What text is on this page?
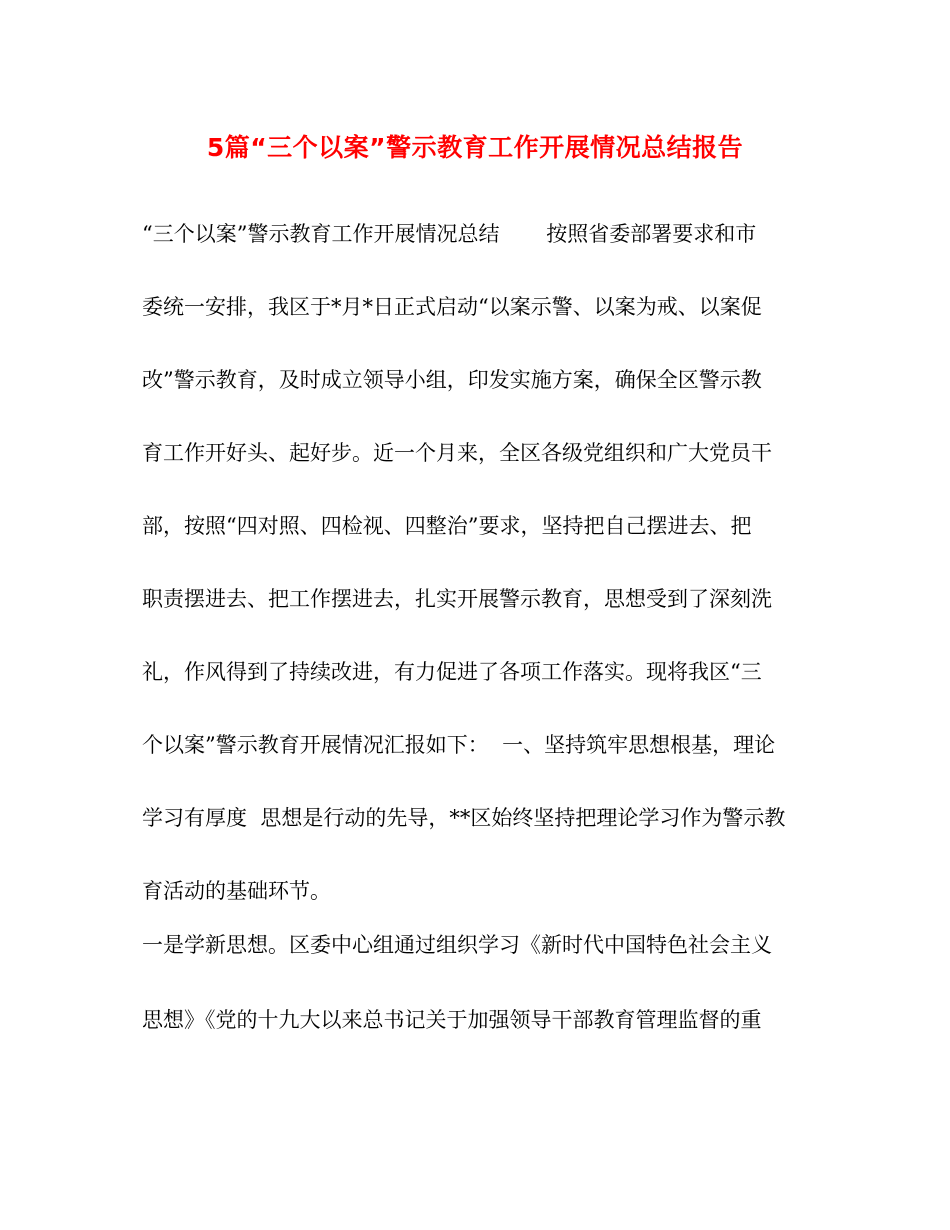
5篇“三个以案”警示教育工作开展情况总结报告
“三个以案”警示教育工作开展情况总结       按照省委部署要求和市
委统一安排，我区于*月*日正式启动“以案示警、以案为戒、以案促
改”警示教育，及时成立领导小组，印发实施方案，确保全区警示教
育工作开好头、起好步。近一个月来，全区各级党组织和广大党员干
部，按照“四对照、四检视、四整治”要求，坚持把自己摆进去、把
职责摆进去、把工作摆进去，扎实开展警示教育，思想受到了深刻洗
礼，作风得到了持续改进，有力促进了各项工作落实。现将我区“三
个以案”警示教育开展情况汇报如下：  一、坚持筑牢思想根基，理论
学习有厚度  思想是行动的先导，**区始终坚持把理论学习作为警示教
育活动的基础环节。
一是学新思想。区委中心组通过组织学习《新时代中国特色社会主义
思想》《党的十九大以来总书记关于加强领导干部教育管理监督的重
